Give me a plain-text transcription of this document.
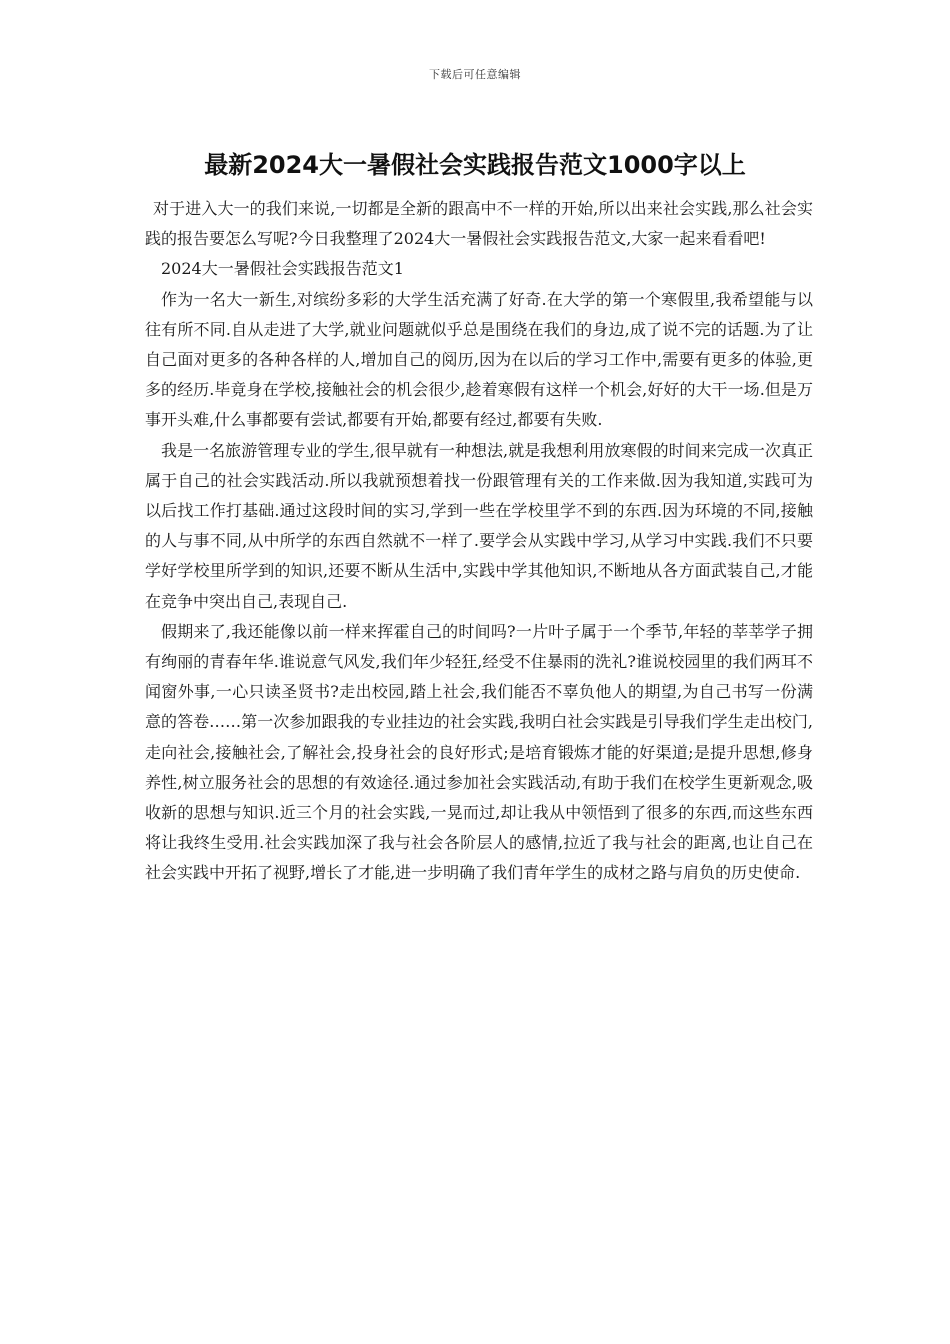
下载后可任意编辑
最新2024大一暑假社会实践报告范文1000字以上

对于进入大一的我们来说,一切都是全新的跟高中不一样的开始,所以出来社会实践,那么社会实践的报告要怎么写呢?今日我整理了2024大一暑假社会实践报告范文,大家一起来看看吧!

2024大一暑假社会实践报告范文1

作为一名大一新生,对缤纷多彩的大学生活充满了好奇.在大学的第一个寒假里,我希望能与以往有所不同.自从走进了大学,就业问题就似乎总是围绕在我们的身边,成了说不完的话题.为了让自己面对更多的各种各样的人,增加自己的阅历,因为在以后的学习工作中,需要有更多的体验,更多的经历.毕竟身在学校,接触社会的机会很少,趁着寒假有这样一个机会,好好的大干一场.但是万事开头难,什么事都要有尝试,都要有开始,都要有经过,都要有失败.

我是一名旅游管理专业的学生,很早就有一种想法,就是我想利用放寒假的时间来完成一次真正属于自己的社会实践活动.所以我就预想着找一份跟管理有关的工作来做.因为我知道,实践可为以后找工作打基础.通过这段时间的实习,学到一些在学校里学不到的东西.因为环境的不同,接触的人与事不同,从中所学的东西自然就不一样了.要学会从实践中学习,从学习中实践.我们不只要学好学校里所学到的知识,还要不断从生活中,实践中学其他知识,不断地从各方面武装自己,才能在竞争中突出自己,表现自己.

假期来了,我还能像以前一样来挥霍自己的时间吗?一片叶子属于一个季节,年轻的莘莘学子拥有绚丽的青春年华.谁说意气风发,我们年少轻狂,经受不住暴雨的洗礼?谁说校园里的我们两耳不闻窗外事,一心只读圣贤书?走出校园,踏上社会,我们能否不辜负他人的期望,为自己书写一份满意的答卷……第一次参加跟我的专业挂边的社会实践,我明白社会实践是引导我们学生走出校门,走向社会,接触社会,了解社会,投身社会的良好形式;是培育锻炼才能的好渠道;是提升思想,修身养性,树立服务社会的思想的有效途径.通过参加社会实践活动,有助于我们在校学生更新观念,吸收新的思想与知识.近三个月的社会实践,一晃而过,却让我从中领悟到了很多的东西,而这些东西将让我终生受用.社会实践加深了我与社会各阶层人的感情,拉近了我与社会的距离,也让自己在社会实践中开拓了视野,增长了才能,进一步明确了我们青年学生的成材之路与肩负的历史使命.
